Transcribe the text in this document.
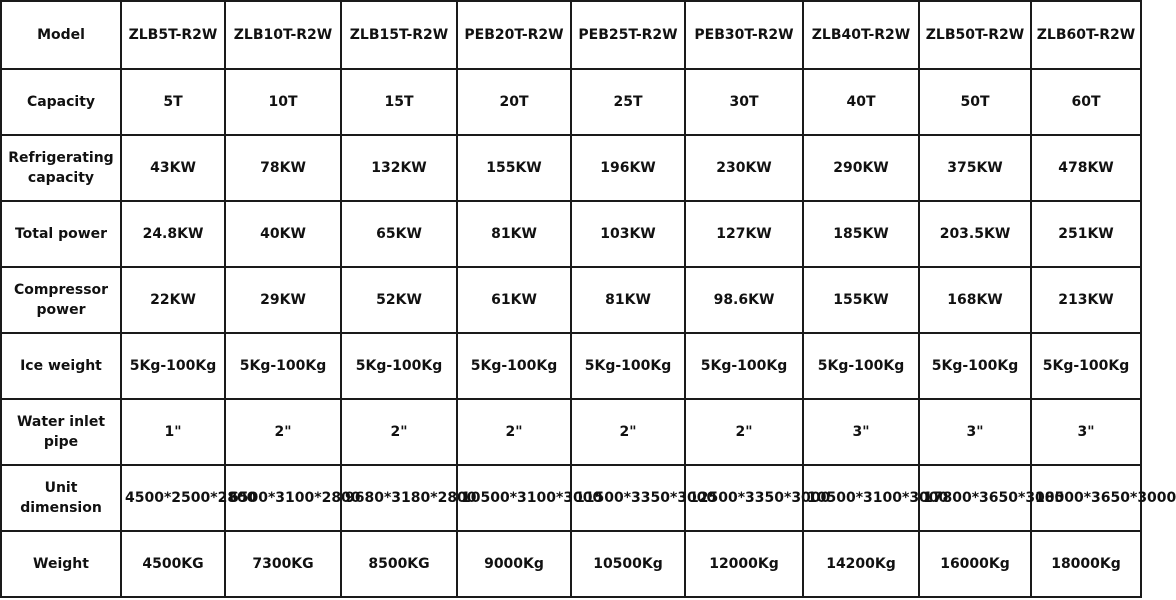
Model	ZLB5T-R2W	ZLB10T-R2W	ZLB15T-R2W	PEB20T-R2W	PEB25T-R2W	PEB30T-R2W	ZLB40T-R2W	ZLB50T-R2W	ZLB60T-R2W
Capacity	5T	10T	15T	20T	25T	30T	40T	50T	60T
Refrigerating capacity	43KW	78KW	132KW	155KW	196KW	230KW	290KW	375KW	478KW
Total power	24.8KW	40KW	65KW	81KW	103KW	127KW	185KW	203.5KW	251KW
Compressor power	22KW	29KW	52KW	61KW	81KW	98.6KW	155KW	168KW	213KW
Ice weight	5Kg-100Kg	5Kg-100Kg	5Kg-100Kg	5Kg-100Kg	5Kg-100Kg	5Kg-100Kg	5Kg-100Kg	5Kg-100Kg	5Kg-100Kg
Water inlet pipe	1"	2"	2"	2"	2"	2"	3"	3"	3"
Unit dimension	4500*2500*2800	6500*3100*2800	9680*3180*2800	10500*3100*3000	11500*3350*3000	12500*3350*3000	10500*3100*3000	17800*3650*3000	18500*3650*3000
Weight	4500KG	7300KG	8500KG	9000Kg	10500Kg	12000Kg	14200Kg	16000Kg	18000Kg
